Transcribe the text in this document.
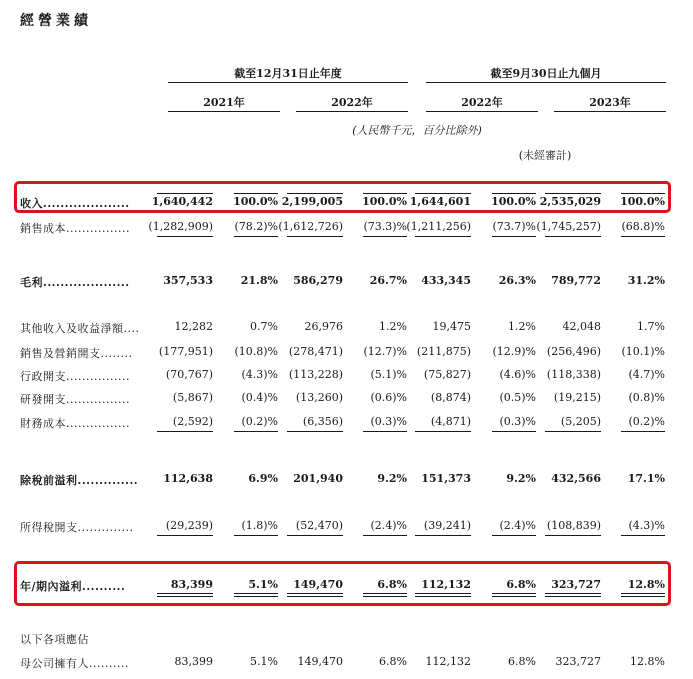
經營業績
截至12月31日止年度	截至9月30日止九個月
2021年	2022年	2022年	2023年
(人民幣千元，百分比除外)
(未經審計)
收入....................	1,640,442	100.0% 2,199,005	100.0% 1,644,601	100.0% 2,535,029	100.0%
銷售成本................	(1,282,909)	(78.2)% (1,612,726)	(73.3)% (1,211,256)	(73.7)% (1,745,257)	(68.8)%
毛利....................	357,533	21.8%	586,279	26.7%	433,345	26.3%	789,772	31.2%
其他收入及收益淨額....	12,282	0.7%	26,976	1.2%	19,475	1.2%	42,048	1.7%
銷售及營銷開支........	(177,951)	(10.8)% (278,471)	(12.7)% (211,875)	(12.9)% (256,496)	(10.1)%
行政開支................	(70,767)	(4.3)% (113,228)	(5.1)%	(75,827)	(4.6)% (118,338)	(4.7)%
研發開支................	(5,867)	(0.4)%	(13,260)	(0.6)%	(8,874)	(0.5)%	(19,215)	(0.8)%
財務成本................	(2,592)	(0.2)%	(6,356)	(0.3)%	(4,871)	(0.3)%	(5,205)	(0.2)%
除稅前溢利..............	112,638	6.9%	201,940	9.2%	151,373	9.2%	432,566	17.1%
所得稅開支..............	(29,239)	(1.8)%	(52,470)	(2.4)%	(39,241)	(2.4)% (108,839)	(4.3)%
年/期內溢利..........	83,399	5.1%	149,470	6.8%	112,132	6.8%	323,727	12.8%
母公司擁有人..........	83,399	5.1%	149,470	6.8%	112,132	6.8%	323,727	12.8%
以下各項應佔
